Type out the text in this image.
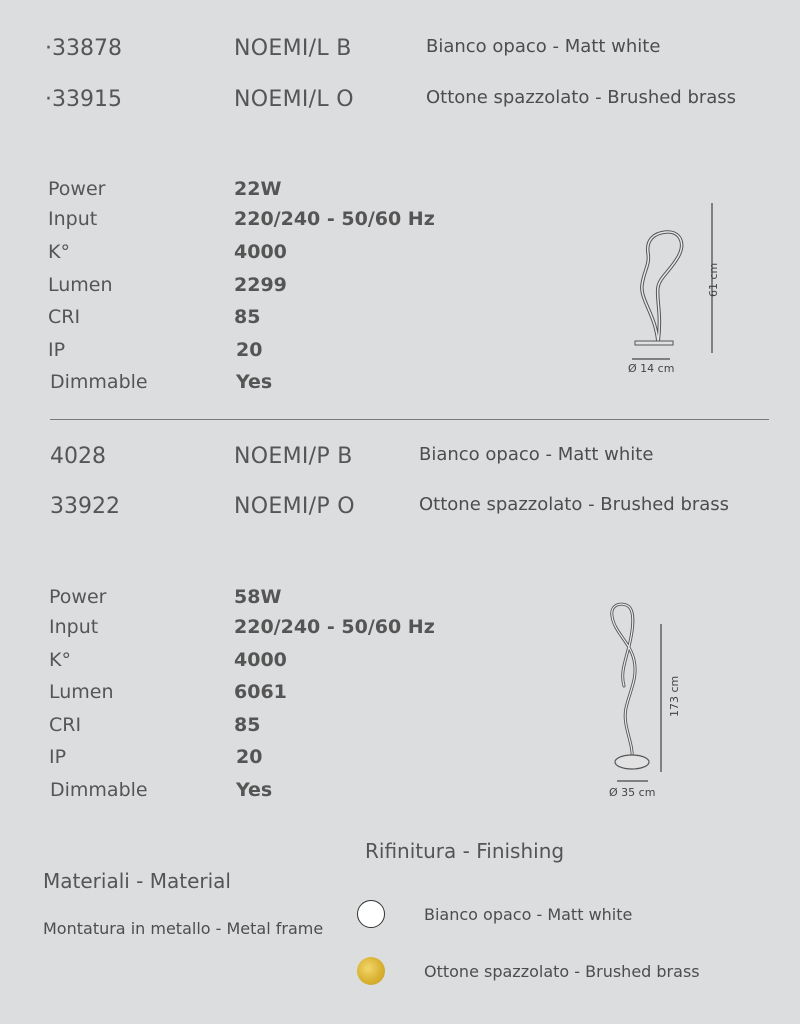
·33878	NOEMI/L B	Bianco opaco - Matt white
·33915	NOEMI/L O	Ottone spazzolato - Brushed brass
Power	22W
Input	220/240 - 50/60 Hz
K°	4000
Lumen	2299
CRI	85
IP	20
Dimmable	Yes
61 cm
Ø 14 cm
4028	NOEMI/P B	Bianco opaco - Matt white
33922	NOEMI/P O	Ottone spazzolato - Brushed brass
Power	58W
Input	220/240 - 50/60 Hz
K°	4000
Lumen	6061
CRI	85
IP	20
Dimmable	Yes
173 cm
Ø 35 cm
Rifinitura - Finishing
Materiali - Material
Montatura in metallo - Metal frame
Bianco opaco - Matt white
Ottone spazzolato - Brushed brass
